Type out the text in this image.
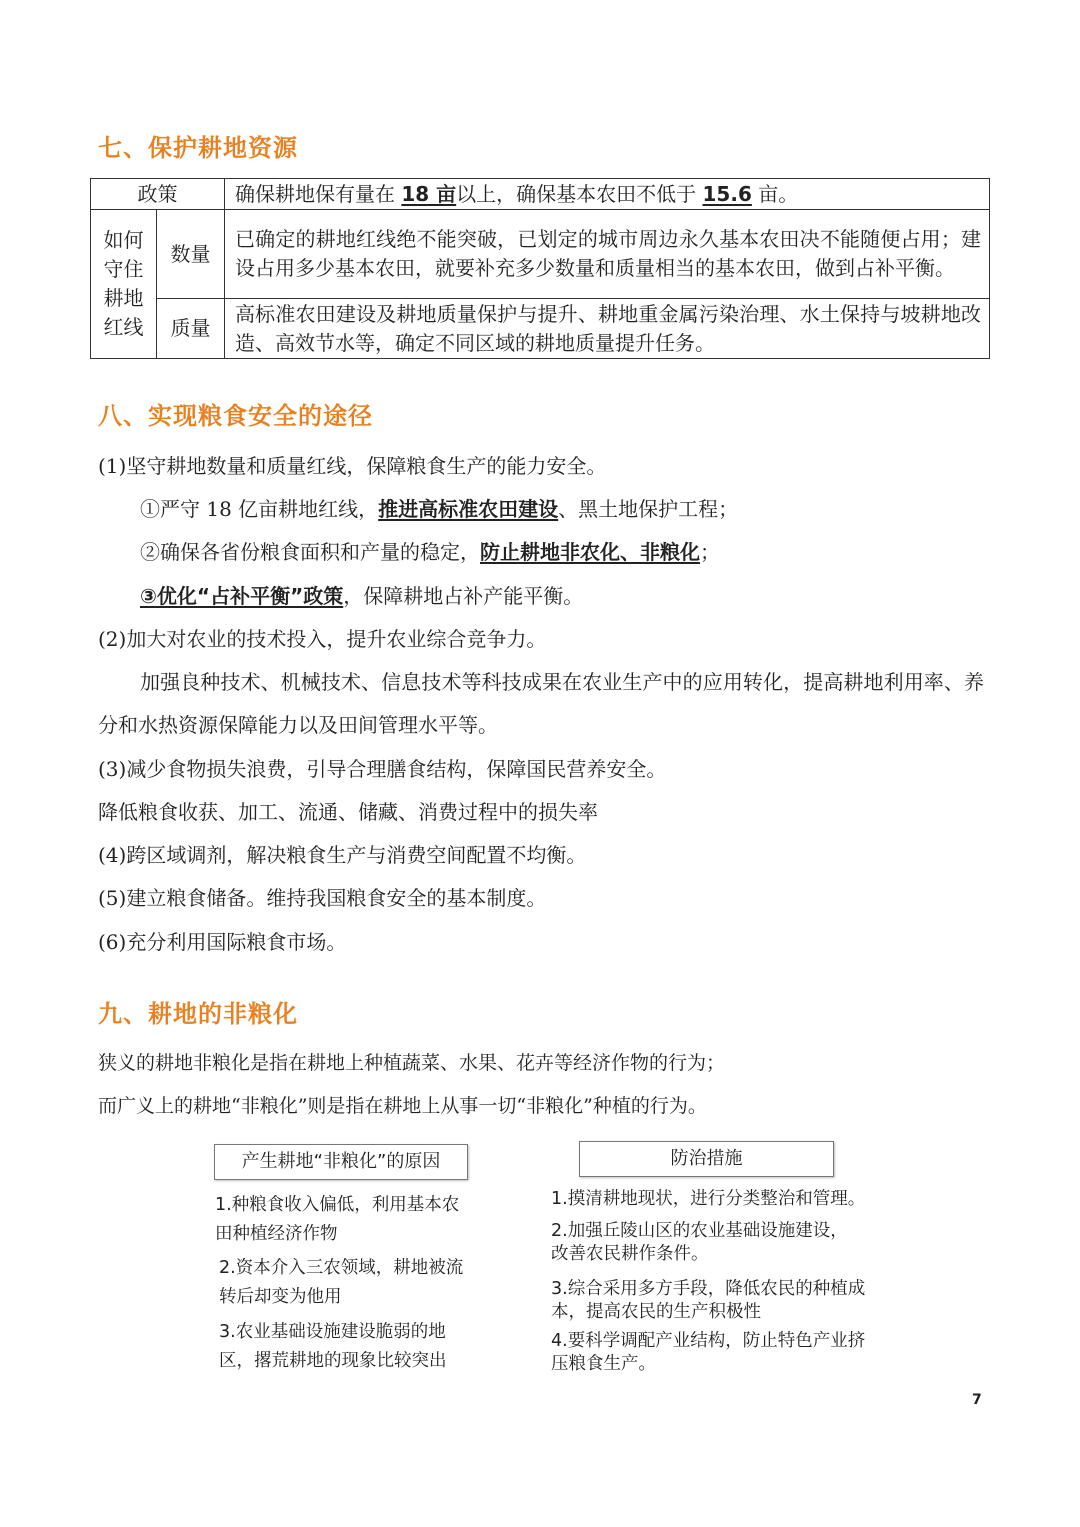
七、保护耕地资源
政策		确保耕地保有量在 18 亩以上，确保基本农田不低于 15.6 亩。

如何守住耕地红线	数量	已确定的耕地红线绝不能突破，已划定的城市周边永久基本农田决不能随便占用；建设占用多少基本农田，就要补充多少数量和质量相当的基本农田，做到占补平衡。
	质量	高标准农田建设及耕地质量保护与提升、耕地重金属污染治理、水土保持与坡耕地改造、高效节水等，确定不同区域的耕地质量提升任务。
八、实现粮食安全的途径
(1)坚守耕地数量和质量红线，保障粮食生产的能力安全。
①严守 18 亿亩耕地红线，推进高标准农田建设、黑土地保护工程；
②确保各省份粮食面积和产量的稳定，防止耕地非农化、非粮化；
③优化“占补平衡”政策，保障耕地占补产能平衡。
(2)加大对农业的技术投入，提升农业综合竞争力。
加强良种技术、机械技术、信息技术等科技成果在农业生产中的应用转化，提高耕地利用率、养分和水热资源保障能力以及田间管理水平等。
(3)减少食物损失浪费，引导合理膳食结构，保障国民营养安全。
降低粮食收获、加工、流通、储藏、消费过程中的损失率
(4)跨区域调剂，解决粮食生产与消费空间配置不均衡。
(5)建立粮食储备。维持我国粮食安全的基本制度。
(6)充分利用国际粮食市场。
九、耕地的非粮化
狭义的耕地非粮化是指在耕地上种植蔬菜、水果、花卉等经济作物的行为；
而广义上的耕地“非粮化”则是指在耕地上从事一切“非粮化”种植的行为。
产生耕地“非粮化”的原因	防治措施
1.种粮食收入偏低，利用基本农田种植经济作物
2.资本介入三农领域，耕地被流转后却变为他用
3.农业基础设施建设脆弱的地区，撂荒耕地的现象比较突出
1.摸清耕地现状，进行分类整治和管理。
2.加强丘陵山区的农业基础设施建设，改善农民耕作条件。
3.综合采用多方手段，降低农民的种植成本，提高农民的生产积极性
4.要科学调配产业结构，防止特色产业挤压粮食生产。
7
